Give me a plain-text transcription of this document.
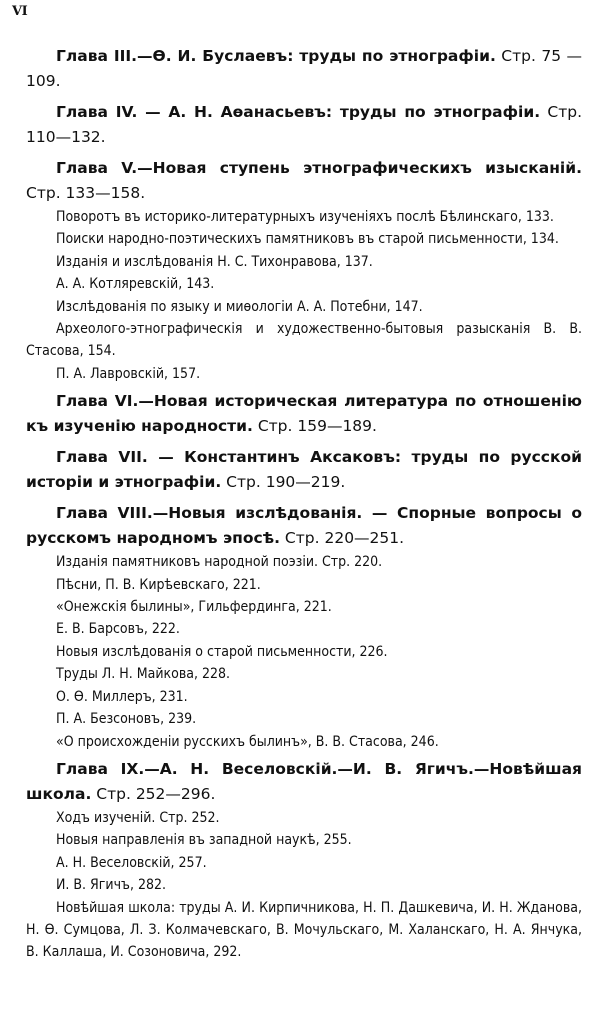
VI

Глава III.—Ѳ. И. Буслаевъ: труды по этнографіи. Стр. 75 — 109.

Глава IV. — А. Н. Аѳанасьевъ: труды по этнографіи. Стр. 110—132.

Глава V.—Новая ступень этнографическихъ изысканій. Стр. 133—158.

Поворотъ въ историко-литературныхъ изученіяхъ послѣ Бѣлинскаго, 133.

Поиски народно-поэтическихъ памятниковъ въ старой письменности, 134.

Изданія и изслѣдованія Н. С. Тихонравова, 137.

А. А. Котляревскій, 143.

Изслѣдованія по языку и миѳологіи А. А. Потебни, 147.

Археолого-этнографическія и художественно-бытовыя разысканія В. В. Стасова, 154.

П. А. Лавровскій, 157.

Глава VI.—Новая историческая литература по отношенію къ изученію народности. Стр. 159—189.

Глава VII. — Константинъ Аксаковъ: труды по русской исторіи и этнографіи. Стр. 190—219.

Глава VIII.—Новыя изслѣдованія. — Спорные вопросы о русскомъ народномъ эпосѣ. Стр. 220—251.

Изданія памятниковъ народной поэзіи. Стр. 220.

Пѣсни, П. В. Кирѣевскаго, 221.

«Онежскія былины», Гильфердинга, 221.

Е. В. Барсовъ, 222.

Новыя изслѣдованія о старой письменности, 226.

Труды Л. Н. Майкова, 228.

О. Ѳ. Миллеръ, 231.

П. А. Безсоновъ, 239.

«О происхожденіи русскихъ былинъ», В. В. Стасова, 246.

Глава IX.—А. Н. Веселовскій.—И. В. Ягичъ.—Новѣйшая школа. Стр. 252—296.

Ходъ изученій. Стр. 252.

Новыя направленія въ западной наукѣ, 255.

А. Н. Веселовскій, 257.

И. В. Ягичъ, 282.

Новѣйшая школа: труды А. И. Кирпичникова, Н. П. Дашкевича, И. Н. Жданова, Н. Ѳ. Сумцова, Л. З. Колмачевскаго, В. Мочульскаго, М. Халанскаго, Н. А. Янчука, В. Каллаша, И. Созоновича, 292.
